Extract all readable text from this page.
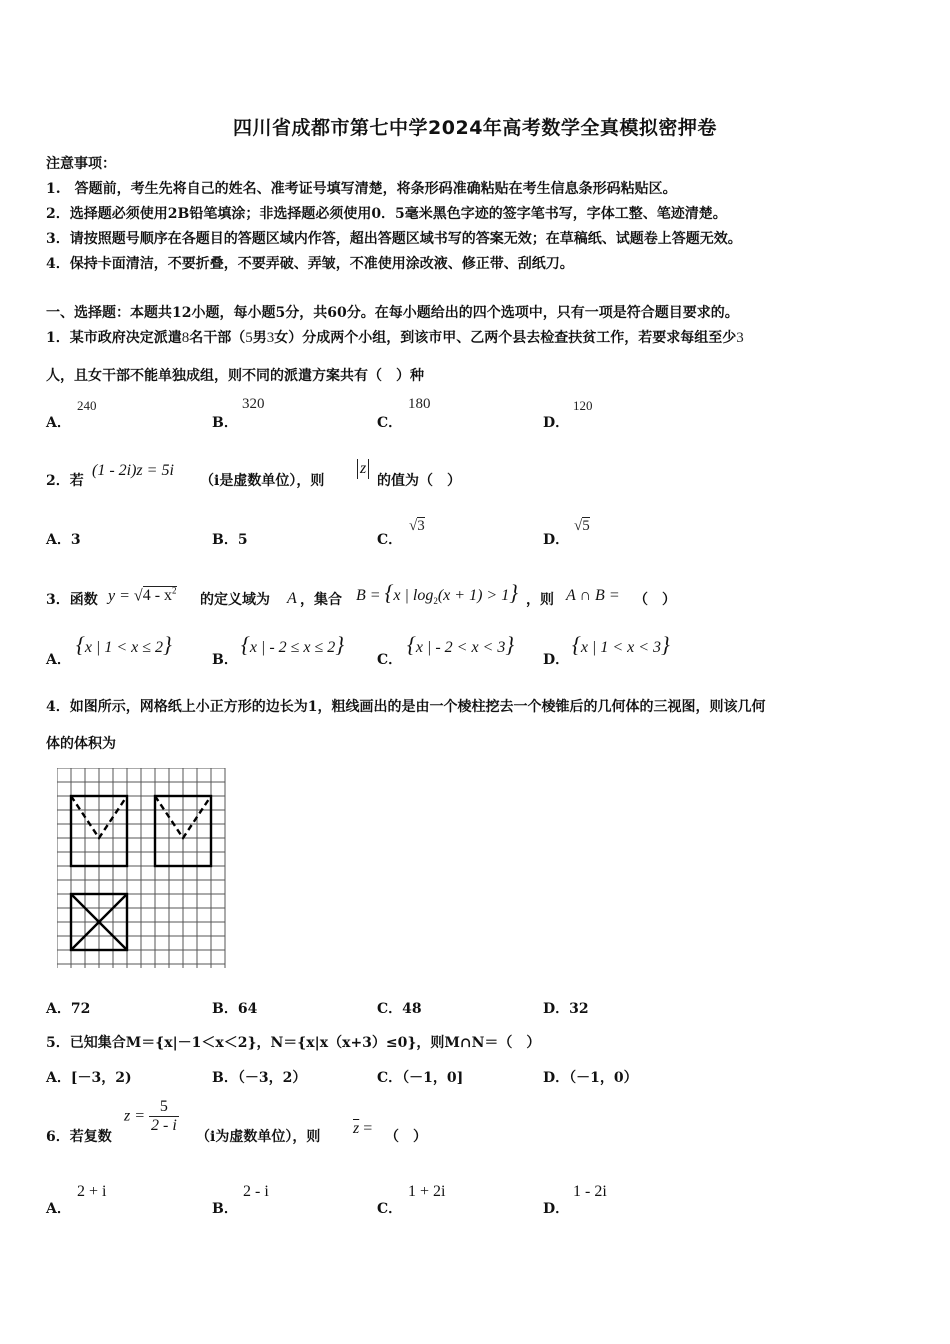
四川省成都市第七中学2024年高考数学全真模拟密押卷
注意事项：
1.　答题前，考生先将自己的姓名、准考证号填写清楚，将条形码准确粘贴在考生信息条形码粘贴区。
2．选择题必须使用2B铅笔填涂；非选择题必须使用0．5毫米黑色字迹的签字笔书写，字体工整、笔迹清楚。
3．请按照题号顺序在各题目的答题区域内作答，超出答题区域书写的答案无效；在草稿纸、试题卷上答题无效。
4．保持卡面清洁，不要折叠，不要弄破、弄皱，不准使用涂改液、修正带、刮纸刀。
一、选择题：本题共12小题，每小题5分，共60分。在每小题给出的四个选项中，只有一项是符合题目要求的。
1．某市政府决定派遣8名干部（5男3女）分成两个小组，到该市甲、乙两个县去检查扶贫工作，若要求每组至少3
人，且女干部不能单独成组，则不同的派遣方案共有（　）种
A．
240
B．
320
C．
180
D．
120
2．若
(1 - 2i)z = 5i
（i是虚数单位），则
z
的值为（　）
A．3	B．5	C．
√3
D．
√5
3．函数 $y = √4 - x^2$
的定义域为 A ，集合 B = {x | $\log_2(x + 1) > 1$} ，则 A ∩ B = （　）
A．
{x | 1 < x ≤ 2}
B．
{x | - 2 ≤ x ≤ 2}
C．
{x | - 2 < x < 3}
D．
{x | 1 < x < 3}
4．如图所示，网格纸上小正方形的边长为1，粗线画出的是由一个棱柱挖去一个棱锥后的几何体的三视图，则该几何
体的体积为
A．72	B．64	C．48	D．32
5．已知集合M＝{x|－1＜x＜2}，N＝{x|x（x+3）≤0}，则M∩N＝（　）
A．[－3，2)	B．（－3，2）	C．（－1，0]	D．（－1，0）
6．若复数
$z = \frac{5}{2 - i}$
（i为虚数单位），则 $\overline{z}$ = （　）
A．
2 + i
B．
2 - i
C．
1 + 2i
D．
1 - 2i
